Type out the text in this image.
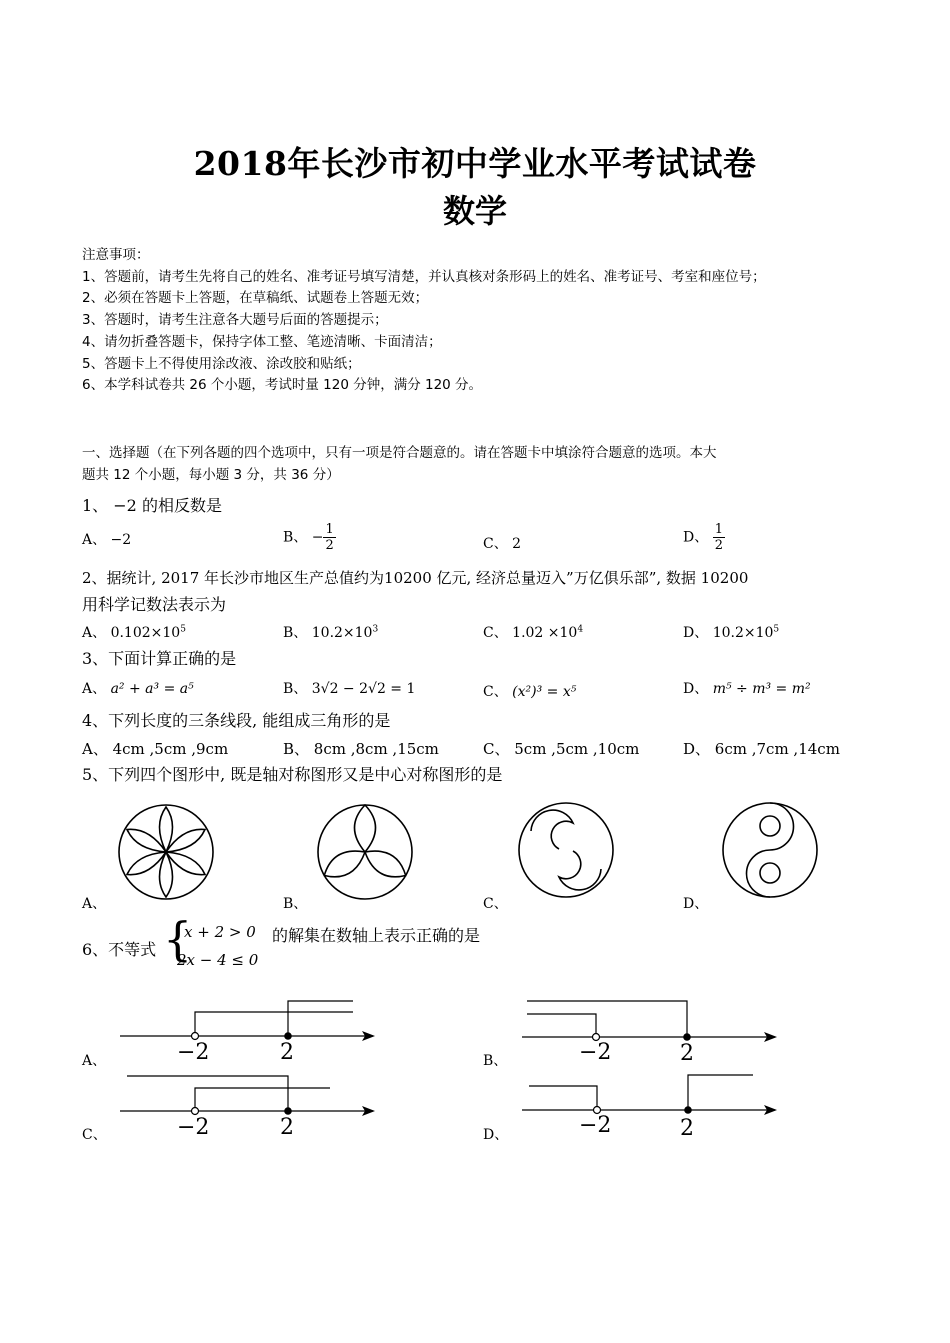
2018年长沙市初中学业水平考试试卷
数学
注意事项：
1、答题前，请考生先将自己的姓名、准考证号填写清楚，并认真核对条形码上的姓名、准考证号、考室和座位号；
2、必须在答题卡上答题，在草稿纸、试题卷上答题无效；
3、答题时，请考生注意各大题号后面的答题提示；
4、请勿折叠答题卡，保持字体工整、笔迹清晰、卡面清洁；
5、答题卡上不得使用涂改液、涂改胶和贴纸；
6、本学科试卷共 26 个小题，考试时量 120 分钟，满分 120 分。
一、选择题（在下列各题的四个选项中，只有一项是符合题意的。请在答题卡中填涂符合题意的选项。本大
题共 12 个小题，每小题 3 分，共 36 分）
1、 −2 的相反数是
A、 −2	B、 − $\frac{1}{2}$	C、 2	D、 $\frac{1}{2}$
2、据统计, 2017 年长沙市地区生产总值约为10200 亿元, 经济总量迈入”万亿俱乐部”, 数据 10200
用科学记数法表示为
A、 $0.102\times 10^5$	B、 $10.2\times 10^3$	C、 $1.02 \times 10^4$	D、 $10.2\times 10^5$
3、下面计算正确的是
A、 a² + a³ = a⁵	B、 3√2 − 2√2 = 1	C、 (x²)³ = x⁵	D、 m⁵ ÷ m³ = m²
4、下列长度的三条线段, 能组成三角形的是
A、 4cm ,5cm ,9cm	B、 8cm ,8cm ,15cm	C、 5cm ,5cm ,10cm	D、 6cm ,7cm ,14cm
5、下列四个图形中, 既是轴对称图形又是中心对称图形的是
A、	B、	C、	D、
6、不等式 {
x + 2 > 0
2x − 4 ≤ 0
的解集在数轴上表示正确的是
−2	2
A、	−2	2
B、
−2	2
C、	−2	2
D、
